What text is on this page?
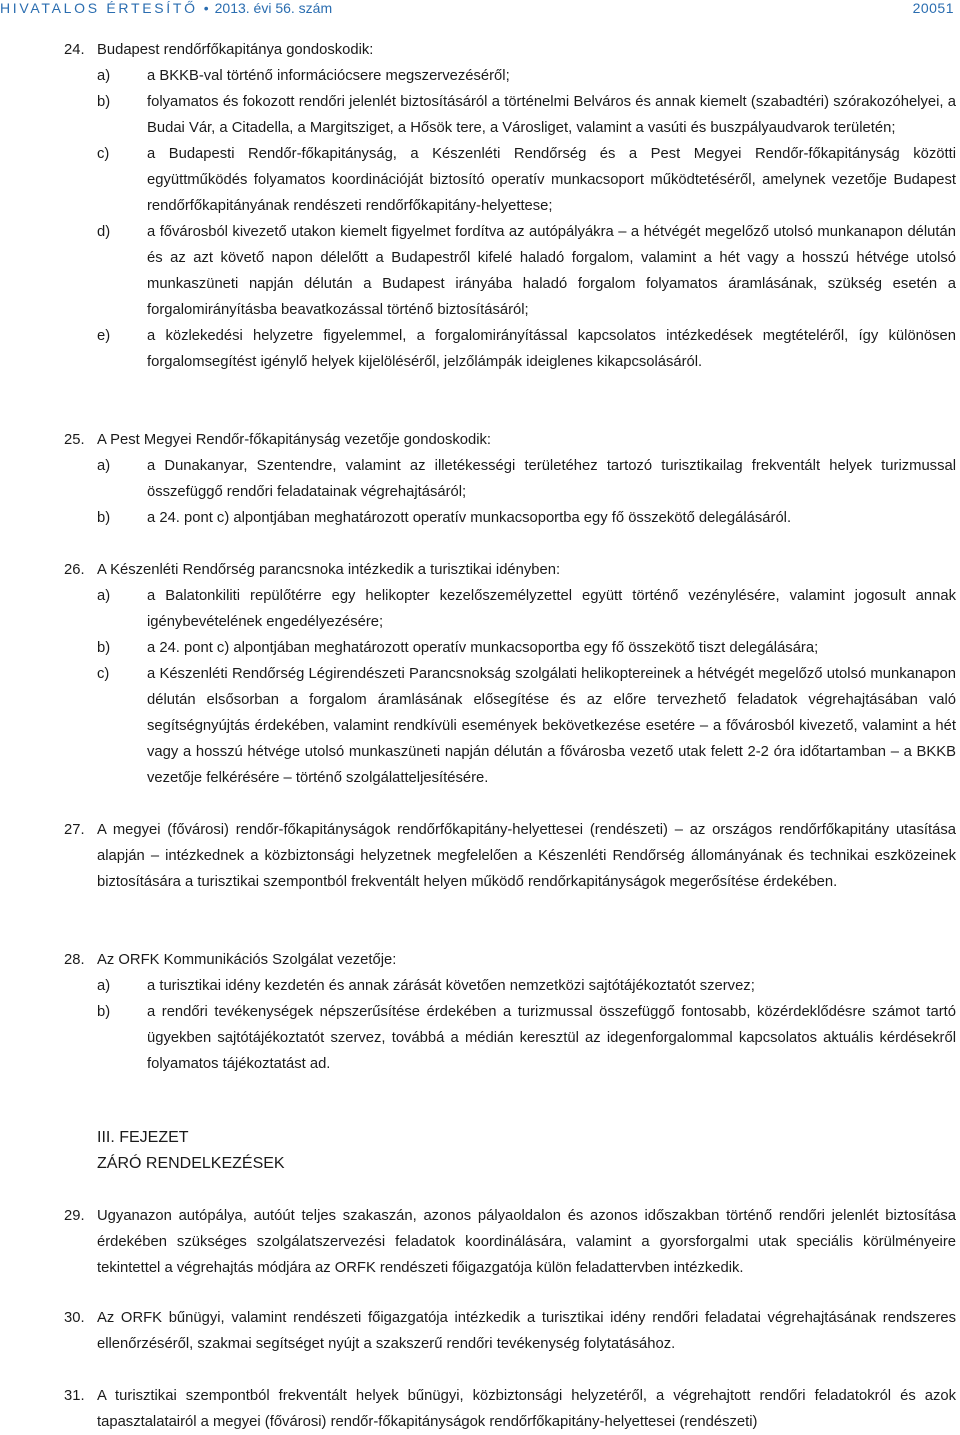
HIVATALOS ÉRTESÍTŐ • 2013. évi 56. szám	20051
24. Budapest rendőrfőkapitánya gondoskodik:
a) a BKKB-val történő információcsere megszervezéséről;
b) folyamatos és fokozott rendőri jelenlét biztosításáról a történelmi Belváros és annak kiemelt (szabadtéri) szórakozóhelyei, a Budai Vár, a Citadella, a Margitsziget, a Hősök tere, a Városliget, valamint a vasúti és buszpályaudvarok területén;
c)	a Budapesti Rendőr-főkapitányság, a Készenléti Rendőrség és a Pest Megyei Rendőr-főkapitányság közötti együttműködés folyamatos koordinációját biztosító operatív munkacsoport működtetéséről, amelynek vezetője Budapest rendőrfőkapitányának rendészeti rendőrfőkapitány-helyettese;
d) a fővárosból kivezető utakon kiemelt figyelmet fordítva az autópályákra – a hétvégét megelőző utolsó munkanapon délután és az azt követő napon délelőtt a Budapestről kifelé haladó forgalom, valamint a hét vagy a hosszú hétvége utolsó munkaszüneti napján délután a Budapest irányába haladó forgalom folyamatos áramlásának, szükség esetén a forgalomirányításba beavatkozással történő biztosításáról;
e) a közlekedési helyzetre figyelemmel, a forgalomirányítással kapcsolatos intézkedések megtételéről, így különösen forgalomsegítést igénylő helyek kijelöléséről, jelzőlámpák ideiglenes kikapcsolásáról.
25. A Pest Megyei Rendőr-főkapitányság vezetője gondoskodik:
a) a Dunakanyar, Szentendre, valamint az illetékességi területéhez tartozó turisztikailag frekventált helyek turizmussal összefüggő rendőri feladatainak végrehajtásáról;
b) a 24. pont c) alpontjában meghatározott operatív munkacsoportba egy fő összekötő delegálásáról.
26. A Készenléti Rendőrség parancsnoka intézkedik a turisztikai idényben:
a) a Balatonkiliti repülőtérre egy helikopter kezelőszemélyzettel együtt történő vezénylésére, valamint jogosult annak igénybevételének engedélyezésére;
b) a 24. pont c) alpontjában meghatározott operatív munkacsoportba egy fő összekötő tiszt delegálására;
c)	a Készenléti Rendőrség Légirendészeti Parancsnokság szolgálati helikoptereinek a hétvégét megelőző utolsó munkanapon délután elsősorban a forgalom áramlásának elősegítése és az előre tervezhető feladatok végrehajtásában való segítségnyújtás érdekében, valamint rendkívüli események bekövetkezése esetére – a fővárosból kivezető, valamint a hét vagy a hosszú hétvége utolsó munkaszüneti napján délután a fővárosba vezető utak felett 2-2 óra időtartamban – a BKKB vezetője felkérésére – történő szolgálatteljesítésére.
27. A megyei (fővárosi) rendőr-főkapitányságok rendőrfőkapitány-helyettesei (rendészeti) – az országos rendőrfőkapitány utasítása alapján – intézkednek a közbiztonsági helyzetnek megfelelően a Készenléti Rendőrség állományának és technikai eszközeinek biztosítására a turisztikai szempontból frekventált helyen működő rendőrkapitányságok megerősítése érdekében.
28. Az ORFK Kommunikációs Szolgálat vezetője:
a) a turisztikai idény kezdetén és annak zárását követően nemzetközi sajtótájékoztatót szervez;
b) a rendőri tevékenységek népszerűsítése érdekében a turizmussal összefüggő fontosabb, közérdeklődésre számot tartó ügyekben sajtótájékoztatót szervez, továbbá a médián keresztül az idegenforgalommal kapcsolatos aktuális kérdésekről folyamatos tájékoztatást ad.
III. FEJEZET
ZÁRÓ RENDELKEZÉSEK
29. Ugyanazon autópálya, autóút teljes szakaszán, azonos pályaoldalon és azonos időszakban történő rendőri jelenlét biztosítása érdekében szükséges szolgálatszervezési feladatok koordinálására, valamint a gyorsforgalmi utak speciális körülményeire tekintettel a végrehajtás módjára az ORFK rendészeti főigazgatója külön feladattervben intézkedik.
30. Az ORFK bűnügyi, valamint rendészeti főigazgatója intézkedik a turisztikai idény rendőri feladatai végrehajtásának rendszeres ellenőrzéséről, szakmai segítséget nyújt a szakszerű rendőri tevékenység folytatásához.
31. A turisztikai szempontból frekventált helyek bűnügyi, közbiztonsági helyzetéről, a végrehajtott rendőri feladatokról és azok tapasztalatairól a megyei (fővárosi) rendőr-főkapitányságok rendőrfőkapitány-helyettesei (rendészeti)
